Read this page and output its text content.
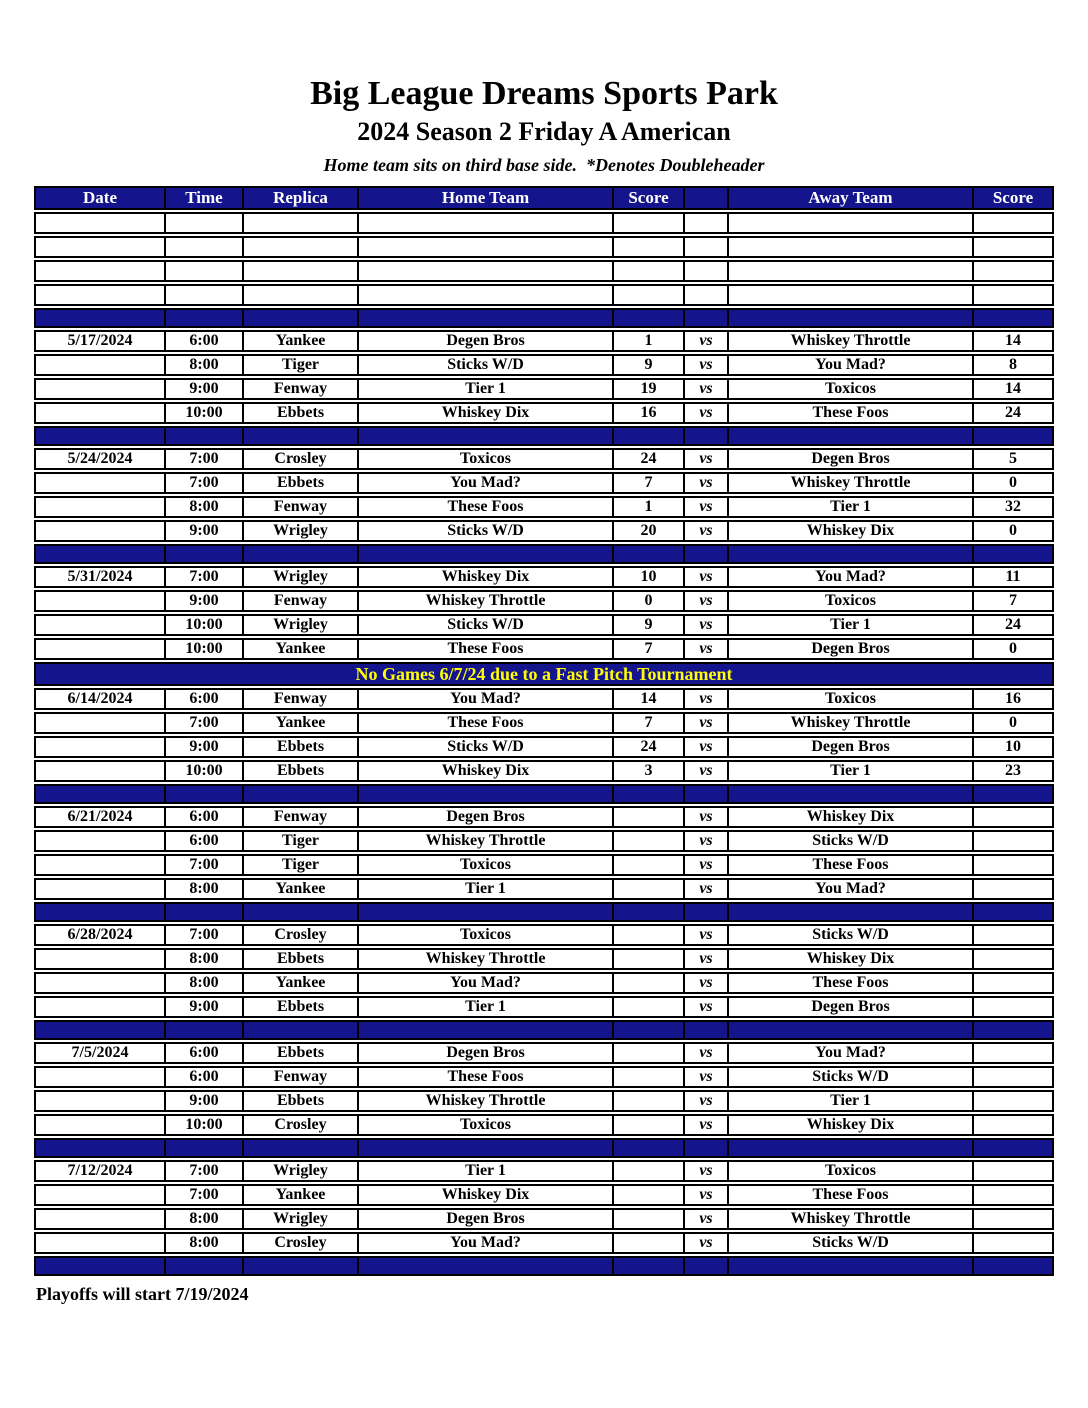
Big League Dreams Sports Park
2024 Season 2 Friday A American
Home team sits on third base side.  *Denotes Doubleheader
Date	Time	Replica	Home Team	Score		Away Team	Score

5/17/2024	6:00	Yankee	Degen Bros	1	vs	Whiskey Throttle	14
	8:00	Tiger	Sticks W/D	9	vs	You Mad?	8
	9:00	Fenway	Tier 1	19	vs	Toxicos	14
	10:00	Ebbets	Whiskey Dix	16	vs	These Foos	24

5/24/2024	7:00	Crosley	Toxicos	24	vs	Degen Bros	5
	7:00	Ebbets	You Mad?	7	vs	Whiskey Throttle	0
	8:00	Fenway	These Foos	1	vs	Tier 1	32
	9:00	Wrigley	Sticks W/D	20	vs	Whiskey Dix	0

5/31/2024	7:00	Wrigley	Whiskey Dix	10	vs	You Mad?	11
	9:00	Fenway	Whiskey Throttle	0	vs	Toxicos	7
	10:00	Wrigley	Sticks W/D	9	vs	Tier 1	24
	10:00	Yankee	These Foos	7	vs	Degen Bros	0
No Games 6/7/24 due to a Fast Pitch Tournament							
6/14/2024	6:00	Fenway	You Mad?	14	vs	Toxicos	16
	7:00	Yankee	These Foos	7	vs	Whiskey Throttle	0
	9:00	Ebbets	Sticks W/D	24	vs	Degen Bros	10
	10:00	Ebbets	Whiskey Dix	3	vs	Tier 1	23

6/21/2024	6:00	Fenway	Degen Bros		vs	Whiskey Dix	
	6:00	Tiger	Whiskey Throttle		vs	Sticks W/D	
	7:00	Tiger	Toxicos		vs	These Foos	
	8:00	Yankee	Tier 1		vs	You Mad?	

6/28/2024	7:00	Crosley	Toxicos		vs	Sticks W/D	
	8:00	Ebbets	Whiskey Throttle		vs	Whiskey Dix	
	8:00	Yankee	You Mad?		vs	These Foos	
	9:00	Ebbets	Tier 1		vs	Degen Bros	

7/5/2024	6:00	Ebbets	Degen Bros		vs	You Mad?	
	6:00	Fenway	These Foos		vs	Sticks W/D	
	9:00	Ebbets	Whiskey Throttle		vs	Tier 1	
	10:00	Crosley	Toxicos		vs	Whiskey Dix	

7/12/2024	7:00	Wrigley	Tier 1		vs	Toxicos	
	7:00	Yankee	Whiskey Dix		vs	These Foos	
	8:00	Wrigley	Degen Bros		vs	Whiskey Throttle	
	8:00	Crosley	You Mad?		vs	Sticks W/D	

Playoffs will start 7/19/2024
